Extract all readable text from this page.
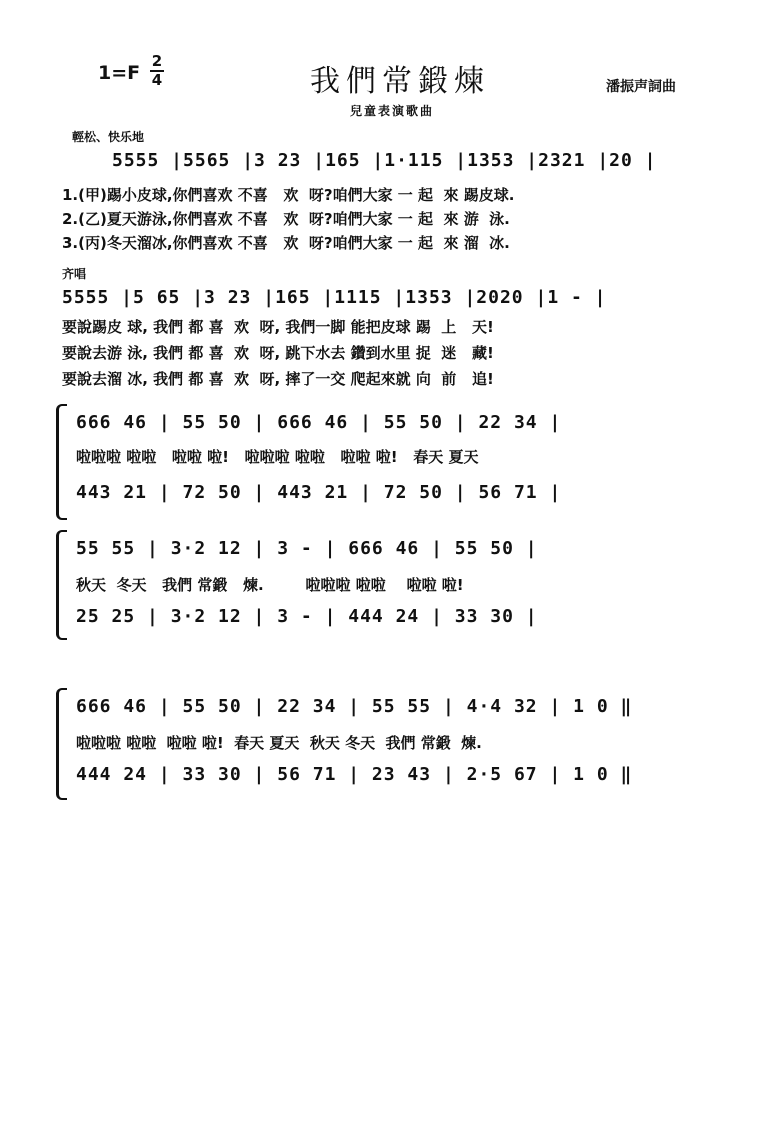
1=F
2
4	我們常鍛煉	潘振声詞曲
兒童表演歌曲
輕松、快乐地
5555 |5565 |3 23 |165 |1·115 |1353 |2321 |20 |
1.(甲)踢小皮球,你們喜欢 不喜   欢  呀?咱們大家 一 起  來 踢皮球.
2.(乙)夏天游泳,你們喜欢 不喜   欢  呀?咱們大家 一 起  來 游  泳.
3.(丙)冬天溜冰,你們喜欢 不喜   欢  呀?咱們大家 一 起  來 溜  冰.
齐唱
5555 |5 65 |3 23 |165 |1115 |1353 |2020 |1 - |
要說踢皮 球, 我們 都 喜  欢  呀, 我們一脚 能把皮球 踢  上   天!
要說去游 泳, 我們 都 喜  欢  呀, 跳下水去 鑽到水里 捉  迷   藏!
要說去溜 冰, 我們 都 喜  欢  呀, 摔了一交 爬起來就 向  前   追!
666 46 | 55 50 | 666 46 | 55 50 | 22 34 |
啦啦啦 啦啦   啦啦 啦!   啦啦啦 啦啦   啦啦 啦!   春天 夏天
443 21 | 72 50 | 443 21 | 72 50 | 56 71 |
55 55 | 3·2 12 | 3 - | 666 46 | 55 50 |
秋天  冬天   我們 常鍛   煉.        啦啦啦 啦啦    啦啦 啦!
25 25 | 3·2 12 | 3 - | 444 24 | 33 30 |
666 46 | 55 50 | 22 34 | 55 55 | 4·4 32 | 1 0 ‖
啦啦啦 啦啦  啦啦 啦!  春天 夏天  秋天 冬天  我們 常鍛  煉.
444 24 | 33 30 | 56 71 | 23 43 | 2·5 67 | 1 0 ‖
